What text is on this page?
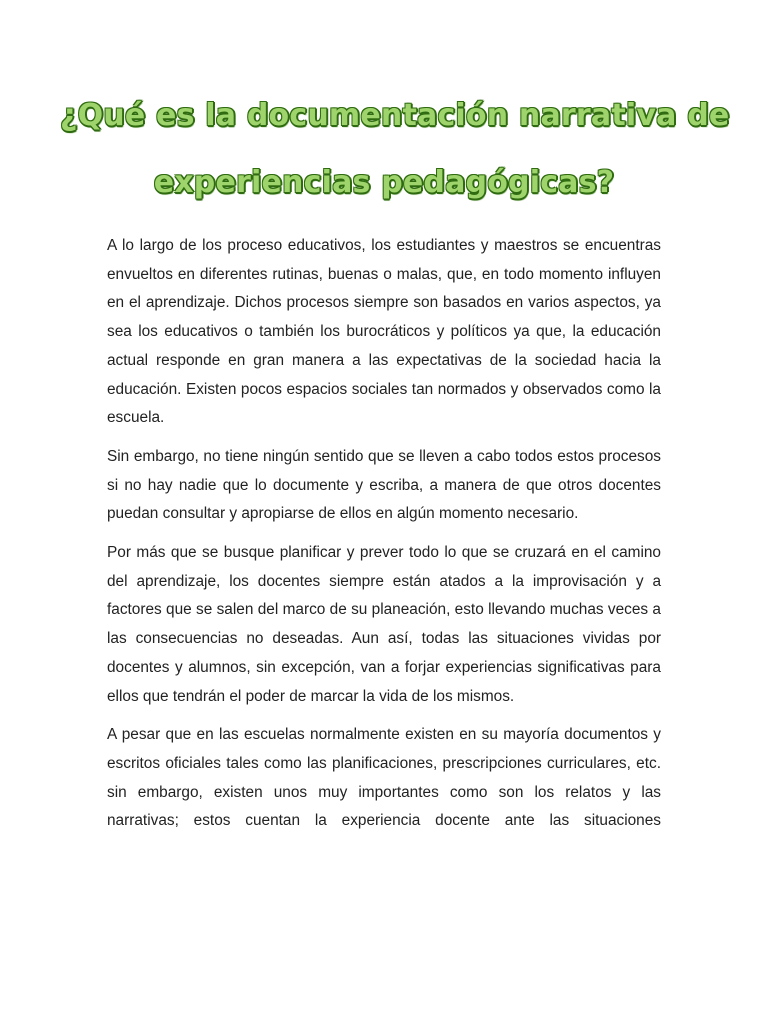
¿Qué es la documentación narrativa de
experiencias pedagógicas?

A lo largo de los proceso educativos, los estudiantes y maestros se encuentras envueltos en diferentes rutinas, buenas o malas, que, en todo momento influyen en el aprendizaje. Dichos procesos siempre son basados en varios aspectos, ya sea los educativos o también los burocráticos y políticos ya que, la educación actual responde en gran manera a las expectativas de la sociedad hacia la educación. Existen pocos espacios sociales tan normados y observados como la escuela.

Sin embargo, no tiene ningún sentido que se lleven a cabo todos estos procesos si no hay nadie que lo documente y escriba, a manera de que otros docentes puedan consultar y apropiarse de ellos en algún momento necesario.

Por más que se busque planificar y prever todo lo que se cruzará en el camino del aprendizaje, los docentes siempre están atados a la improvisación y a factores que se salen del marco de su planeación, esto llevando muchas veces a las consecuencias no deseadas. Aun así, todas las situaciones vividas por docentes y alumnos, sin excepción, van a forjar experiencias significativas para ellos que tendrán el poder de marcar la vida de los mismos.

A pesar que en las escuelas normalmente existen en su mayoría documentos y escritos oficiales tales como las planificaciones, prescripciones curriculares, etc. sin embargo, existen unos muy importantes como son los relatos y las narrativas; estos cuentan la experiencia docente ante las situaciones
